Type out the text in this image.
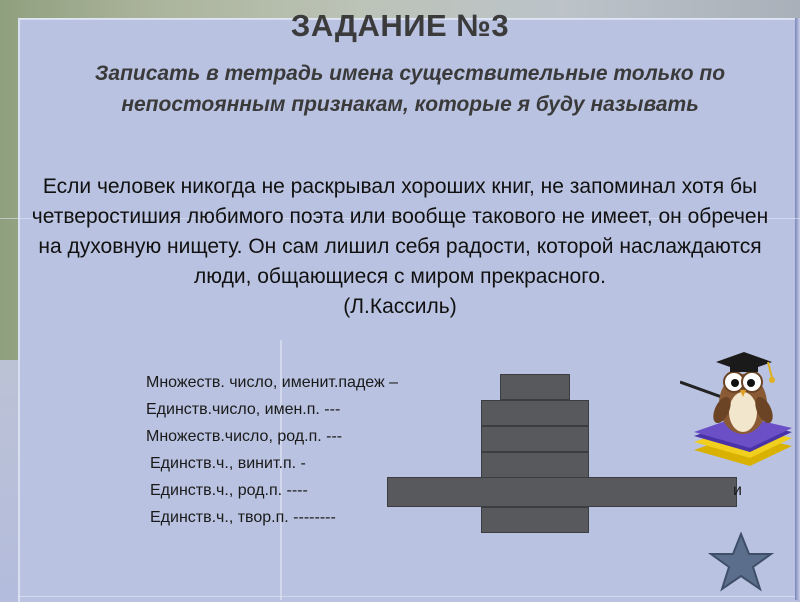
ЗАДАНИЕ №3
Записать в тетрадь имена существительные только по непостоянным признакам, которые я буду называть
Если человек никогда не раскрывал хороших книг, не запоминал хотя бы четверостишия любимого поэта или вообще такового не имеет, он обречен на духовную нищету. Он сам лишил себя радости, которой наслаждаются люди, общающиеся с миром прекрасного.
(Л.Кассиль)
Множеств. число, именит.падеж –
Единств.число, имен.п. ---
Множеств.число, род.п. ---
Единств.ч., винит.п. -
Единств.ч., род.п. ----
Единств.ч., твор.п. --------
и
